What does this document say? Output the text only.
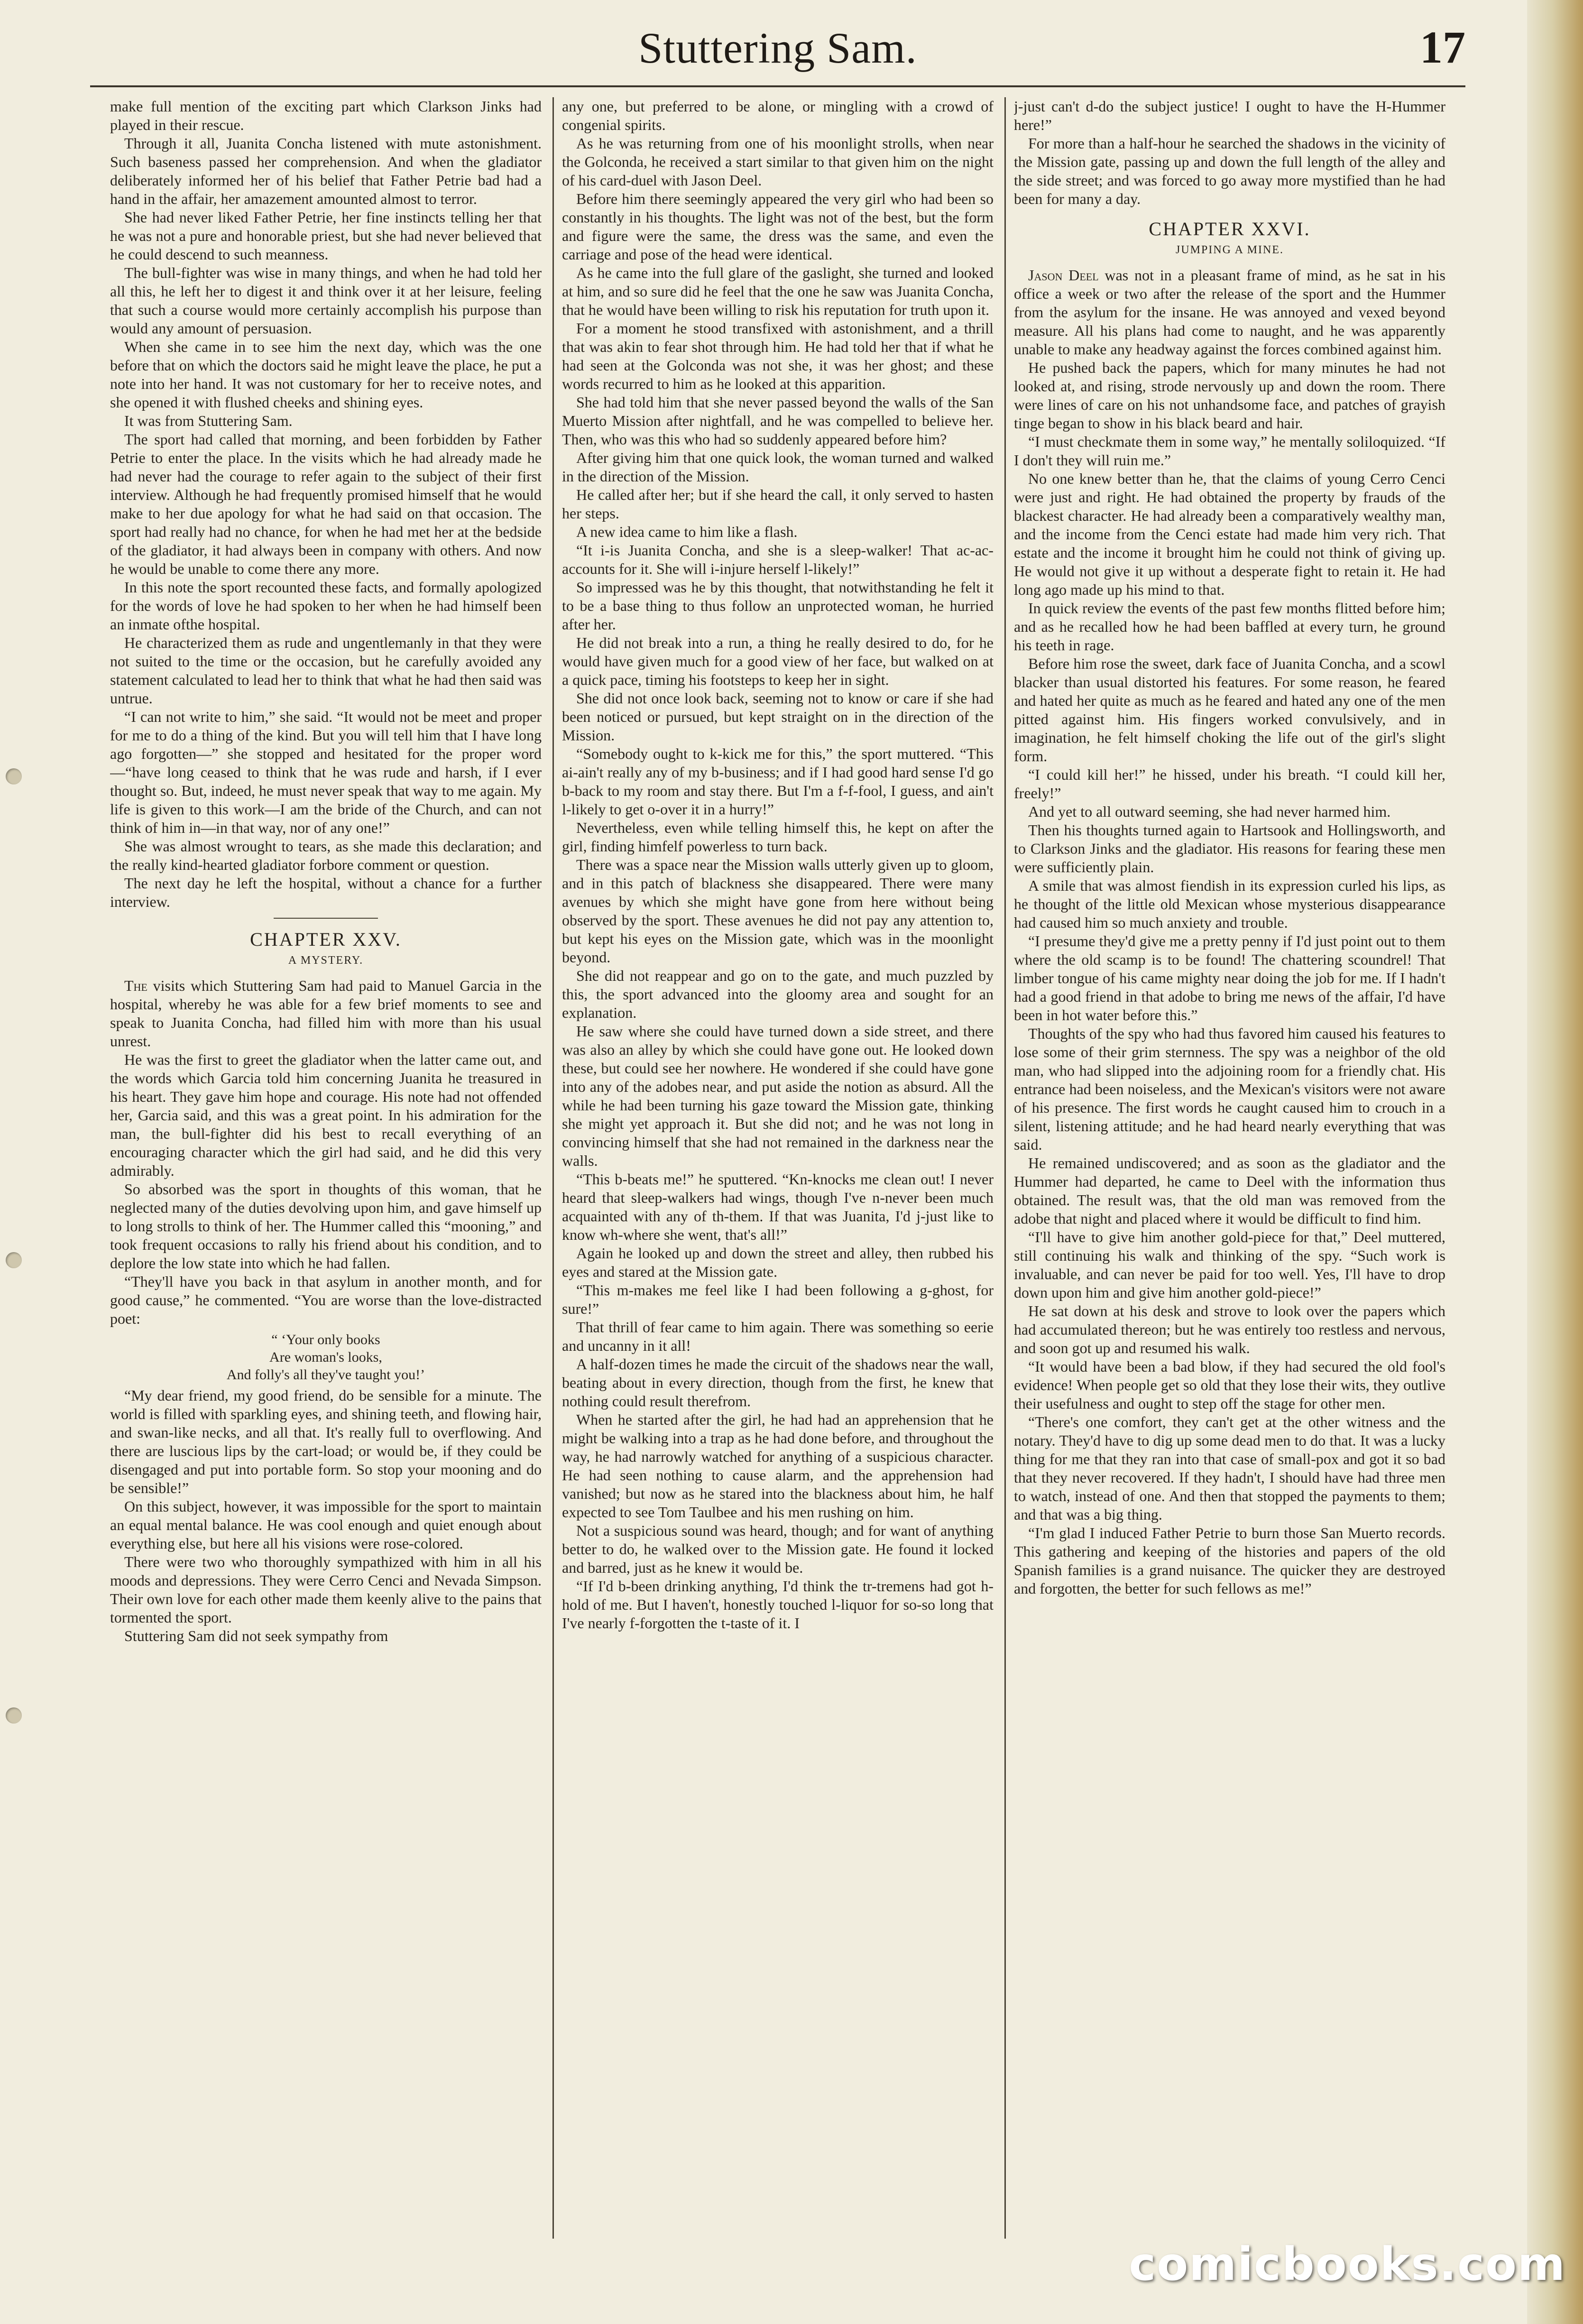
Stuttering Sam.	17

make full mention of the exciting part which Clarkson Jinks had played in their rescue.

Through it all, Juanita Concha listened with mute astonishment. Such baseness passed her comprehension. And when the gladiator deliberately informed her of his belief that Father Petrie bad had a hand in the affair, her amazement amounted almost to terror.

She had never liked Father Petrie, her fine instincts telling her that he was not a pure and honorable priest, but she had never believed that he could descend to such meanness.

The bull-fighter was wise in many things, and when he had told her all this, he left her to digest it and think over it at her leisure, feeling that such a course would more certainly accomplish his purpose than would any amount of persuasion.

When she came in to see him the next day, which was the one before that on which the doctors said he might leave the place, he put a note into her hand. It was not customary for her to receive notes, and she opened it with flushed cheeks and shining eyes.

It was from Stuttering Sam.

The sport had called that morning, and been forbidden by Father Petrie to enter the place. In the visits which he had already made he had never had the courage to refer again to the subject of their first interview. Although he had frequently promised himself that he would make to her due apology for what he had said on that occasion. The sport had really had no chance, for when he had met her at the bedside of the gladiator, it had always been in company with others. And now he would be unable to come there any more.

In this note the sport recounted these facts, and formally apologized for the words of love he had spoken to her when he had himself been an inmate ofthe hospital.

He characterized them as rude and ungentlemanly in that they were not suited to the time or the occasion, but he carefully avoided any statement calculated to lead her to think that what he had then said was untrue.

“I can not write to him,” she said. “It would not be meet and proper for me to do a thing of the kind. But you will tell him that I have long ago forgotten—” she stopped and hesitated for the proper word—“have long ceased to think that he was rude and harsh, if I ever thought so. But, indeed, he must never speak that way to me again. My life is given to this work—I am the bride of the Church, and can not think of him in—in that way, nor of any one!”

She was almost wrought to tears, as she made this declaration; and the really kind-hearted gladiator forbore comment or question.

The next day he left the hospital, without a chance for a further interview.

CHAPTER XXV.
A MYSTERY.

The visits which Stuttering Sam had paid to Manuel Garcia in the hospital, whereby he was able for a few brief moments to see and speak to Juanita Concha, had filled him with more than his usual unrest.

He was the first to greet the gladiator when the latter came out, and the words which Garcia told him concerning Juanita he treasured in his heart. They gave him hope and courage. His note had not offended her, Garcia said, and this was a great point. In his admiration for the man, the bull-fighter did his best to recall everything of an encouraging character which the girl had said, and he did this very admirably.

So absorbed was the sport in thoughts of this woman, that he neglected many of the duties devolving upon him, and gave himself up to long strolls to think of her. The Hummer called this “mooning,” and took frequent occasions to rally his friend about his condition, and to deplore the low state into which he had fallen.

“They'll have you back in that asylum in another month, and for good cause,” he commented. “You are worse than the love-distracted poet:

“ ‘Your only books
Are woman's looks,
And folly's all they've taught you!’

“My dear friend, my good friend, do be sensible for a minute. The world is filled with sparkling eyes, and shining teeth, and flowing hair, and swan-like necks, and all that. It's really full to overflowing. And there are luscious lips by the cart-load; or would be, if they could be disengaged and put into portable form. So stop your mooning and do be sensible!”

On this subject, however, it was impossible for the sport to maintain an equal mental balance. He was cool enough and quiet enough about everything else, but here all his visions were rose-colored.

There were two who thoroughly sympathized with him in all his moods and depressions. They were Cerro Cenci and Nevada Simpson. Their own love for each other made them keenly alive to the pains that tormented the sport.

Stuttering Sam did not seek sympathy from

any one, but preferred to be alone, or mingling with a crowd of congenial spirits.

As he was returning from one of his moonlight strolls, when near the Golconda, he received a start similar to that given him on the night of his card-duel with Jason Deel.

Before him there seemingly appeared the very girl who had been so constantly in his thoughts. The light was not of the best, but the form and figure were the same, the dress was the same, and even the carriage and pose of the head were identical.

As he came into the full glare of the gaslight, she turned and looked at him, and so sure did he feel that the one he saw was Juanita Concha, that he would have been willing to risk his reputation for truth upon it.

For a moment he stood transfixed with astonishment, and a thrill that was akin to fear shot through him. He had told her that if what he had seen at the Golconda was not she, it was her ghost; and these words recurred to him as he looked at this apparition.

She had told him that she never passed beyond the walls of the San Muerto Mission after nightfall, and he was compelled to believe her. Then, who was this who had so suddenly appeared before him?

After giving him that one quick look, the woman turned and walked in the direction of the Mission.

He called after her; but if she heard the call, it only served to hasten her steps.

A new idea came to him like a flash.

“It i-is Juanita Concha, and she is a sleep-walker! That ac-ac-accounts for it. She will i-injure herself l-likely!”

So impressed was he by this thought, that notwithstanding he felt it to be a base thing to thus follow an unprotected woman, he hurried after her.

He did not break into a run, a thing he really desired to do, for he would have given much for a good view of her face, but walked on at a quick pace, timing his footsteps to keep her in sight.

She did not once look back, seeming not to know or care if she had been noticed or pursued, but kept straight on in the direction of the Mission.

“Somebody ought to k-kick me for this,” the sport muttered. “This ai-ain't really any of my b-business; and if I had good hard sense I'd go b-back to my room and stay there. But I'm a f-f-fool, I guess, and ain't l-likely to get o-over it in a hurry!”

Nevertheless, even while telling himself this, he kept on after the girl, finding himfelf powerless to turn back.

There was a space near the Mission walls utterly given up to gloom, and in this patch of blackness she disappeared. There were many avenues by which she might have gone from here without being observed by the sport. These avenues he did not pay any attention to, but kept his eyes on the Mission gate, which was in the moonlight beyond.

She did not reappear and go on to the gate, and much puzzled by this, the sport advanced into the gloomy area and sought for an explanation.

He saw where she could have turned down a side street, and there was also an alley by which she could have gone out. He looked down these, but could see her nowhere. He wondered if she could have gone into any of the adobes near, and put aside the notion as absurd. All the while he had been turning his gaze toward the Mission gate, thinking she might yet approach it. But she did not; and he was not long in convincing himself that she had not remained in the darkness near the walls.

“This b-beats me!” he sputtered. “Kn-knocks me clean out! I never heard that sleep-walkers had wings, though I've n-never been much acquainted with any of th-them. If that was Juanita, I'd j-just like to know wh-where she went, that's all!”

Again he looked up and down the street and alley, then rubbed his eyes and stared at the Mission gate.

“This m-makes me feel like I had been following a g-ghost, for sure!”

That thrill of fear came to him again. There was something so eerie and uncanny in it all!

A half-dozen times he made the circuit of the shadows near the wall, beating about in every direction, though from the first, he knew that nothing could result therefrom.

When he started after the girl, he had had an apprehension that he might be walking into a trap as he had done before, and throughout the way, he had narrowly watched for anything of a suspicious character. He had seen nothing to cause alarm, and the apprehension had vanished; but now as he stared into the blackness about him, he half expected to see Tom Taulbee and his men rushing on him.

Not a suspicious sound was heard, though; and for want of anything better to do, he walked over to the Mission gate. He found it locked and barred, just as he knew it would be.

“If I'd b-been drinking anything, I'd think the tr-tremens had got h-hold of me. But I haven't, honestly touched l-liquor for so-so long that I've nearly f-forgotten the t-taste of it. I

j-just can't d-do the subject justice! I ought to have the H-Hummer here!”

For more than a half-hour he searched the shadows in the vicinity of the Mission gate, passing up and down the full length of the alley and the side street; and was forced to go away more mystified than he had been for many a day.

CHAPTER XXVI.
JUMPING A MINE.

Jason Deel was not in a pleasant frame of mind, as he sat in his office a week or two after the release of the sport and the Hummer from the asylum for the insane. He was annoyed and vexed beyond measure. All his plans had come to naught, and he was apparently unable to make any headway against the forces combined against him.

He pushed back the papers, which for many minutes he had not looked at, and rising, strode nervously up and down the room. There were lines of care on his not unhandsome face, and patches of grayish tinge began to show in his black beard and hair.

“I must checkmate them in some way,” he mentally soliloquized. “If I don't they will ruin me.”

No one knew better than he, that the claims of young Cerro Cenci were just and right. He had obtained the property by frauds of the blackest character. He had already been a comparatively wealthy man, and the income from the Cenci estate had made him very rich. That estate and the income it brought him he could not think of giving up. He would not give it up without a desperate fight to retain it. He had long ago made up his mind to that.

In quick review the events of the past few months flitted before him; and as he recalled how he had been baffled at every turn, he ground his teeth in rage.

Before him rose the sweet, dark face of Juanita Concha, and a scowl blacker than usual distorted his features. For some reason, he feared and hated her quite as much as he feared and hated any one of the men pitted against him. His fingers worked convulsively, and in imagination, he felt himself choking the life out of the girl's slight form.

“I could kill her!” he hissed, under his breath. “I could kill her, freely!”

And yet to all outward seeming, she had never harmed him.

Then his thoughts turned again to Hartsook and Hollingsworth, and to Clarkson Jinks and the gladiator. His reasons for fearing these men were sufficiently plain.

A smile that was almost fiendish in its expression curled his lips, as he thought of the little old Mexican whose mysterious disappearance had caused him so much anxiety and trouble.

“I presume they'd give me a pretty penny if I'd just point out to them where the old scamp is to be found! The chattering scoundrel! That limber tongue of his came mighty near doing the job for me. If I hadn't had a good friend in that adobe to bring me news of the affair, I'd have been in hot water before this.”

Thoughts of the spy who had thus favored him caused his features to lose some of their grim sternness. The spy was a neighbor of the old man, who had slipped into the adjoining room for a friendly chat. His entrance had been noiseless, and the Mexican's visitors were not aware of his presence. The first words he caught caused him to crouch in a silent, listening attitude; and he had heard nearly everything that was said.

He remained undiscovered; and as soon as the gladiator and the Hummer had departed, he came to Deel with the information thus obtained. The result was, that the old man was removed from the adobe that night and placed where it would be difficult to find him.

“I'll have to give him another gold-piece for that,” Deel muttered, still continuing his walk and thinking of the spy. “Such work is invaluable, and can never be paid for too well. Yes, I'll have to drop down upon him and give him another gold-piece!”

He sat down at his desk and strove to look over the papers which had accumulated thereon; but he was entirely too restless and nervous, and soon got up and resumed his walk.

“It would have been a bad blow, if they had secured the old fool's evidence! When people get so old that they lose their wits, they outlive their usefulness and ought to step off the stage for other men.

“There's one comfort, they can't get at the other witness and the notary. They'd have to dig up some dead men to do that. It was a lucky thing for me that they ran into that case of small-pox and got it so bad that they never recovered. If they hadn't, I should have had three men to watch, instead of one. And then that stopped the payments to them; and that was a big thing.

“I'm glad I induced Father Petrie to burn those San Muerto records. This gathering and keeping of the histories and papers of the old Spanish families is a grand nuisance. The quicker they are destroyed and forgotten, the better for such fellows as me!”

comicbooks.com
